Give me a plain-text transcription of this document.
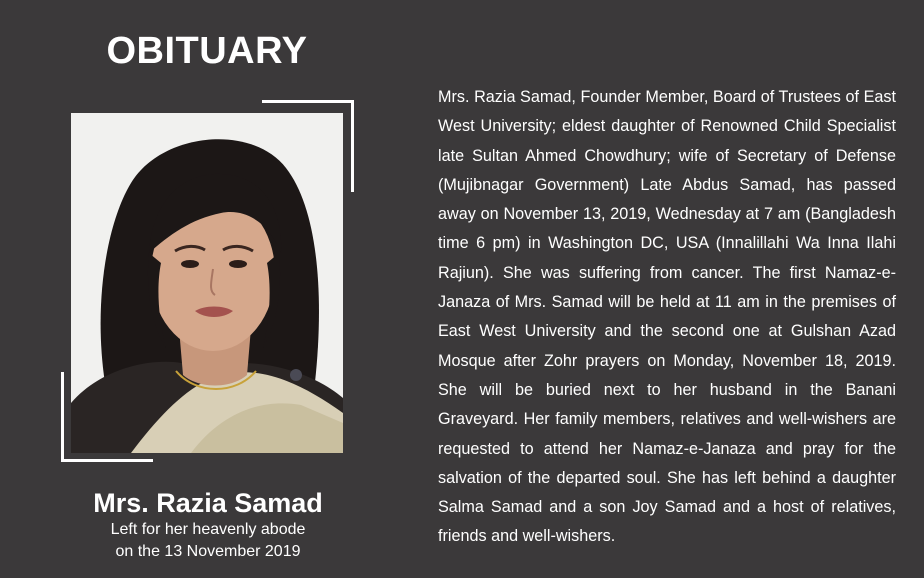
OBITUARY
Mrs. Razia Samad
Left for her heavenly abode
on the 13 November 2019

Mrs. Razia Samad, Founder Member, Board of Trustees of East West University; eldest daughter of Renowned Child Specialist late Sultan Ahmed Chowdhury; wife of Secretary of Defense (Mujibnagar Government) Late Abdus Samad, has passed away on November 13, 2019, Wednesday at 7 am (Bangladesh time 6 pm) in Washington DC, USA (Innalillahi Wa Inna Ilahi Rajiun). She was suffering from cancer. The first Namaz-e-Janaza of Mrs. Samad will be held at 11 am in the premises of East West University and the second one at Gulshan Azad Mosque after Zohr prayers on Monday, November 18, 2019. She will be buried next to her husband in the Banani Graveyard. Her family members, relatives and well-wishers are requested to attend her Namaz-e-Janaza and pray for the salvation of the departed soul. She has left behind a daughter Salma Samad and a son Joy Samad and a host of relatives, friends and well-wishers.
